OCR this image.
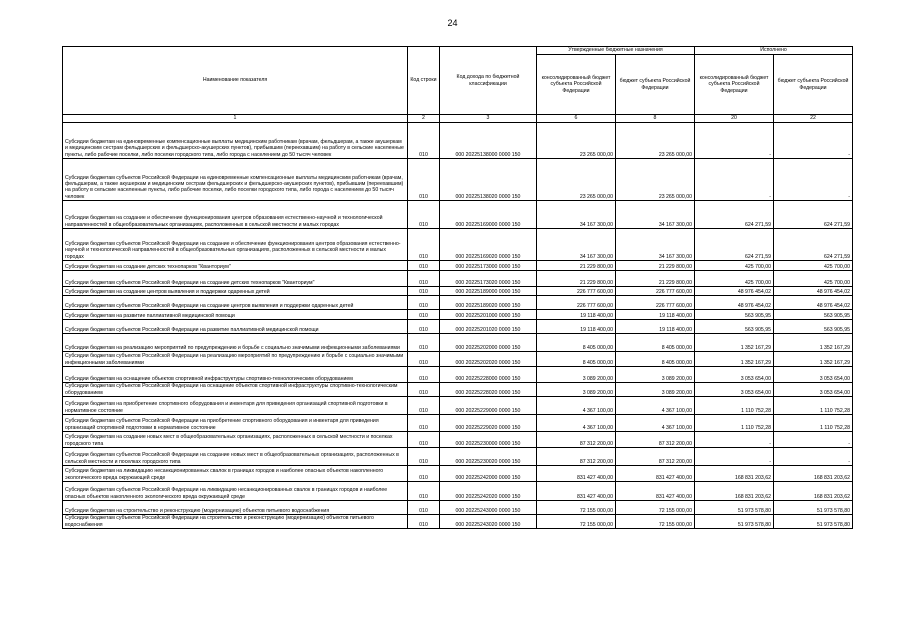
24
Наименование показателя	Код строки	Код дохода по бюджетной классификации	Утвержденные бюджетные назначения		Исполнено	
			консолидированный бюджет субъекта Российской Федерации	бюджет субъекта Российской Федерации	консолидированный бюджет субъекта Российской Федерации	бюджет субъекта Российской Федерации
1	2	3	6	8	20	22
Субсидии бюджетам на единовременные компенсационные выплаты медицинским работникам (врачам, фельдшерам, а также акушеркам и медицинским сестрам фельдшерских и фельдшерско-акушерских пунктов), прибывшим (переехавшим) на работу в сельские населенные пункты, либо рабочие поселки, либо поселки городского типа, либо города с населением до 50 тысяч человек	010	000 20225138000 0000 150	23 265 000,00	23 265 000,00	-	-
Субсидии бюджетам субъектов Российской Федерации на единовременные компенсационные выплаты медицинским работникам (врачам, фельдшерам, а также акушеркам и медицинским сестрам фельдшерских и фельдшерско-акушерских пунктов), прибывшим (переехавшим) на работу в сельские населенные пункты, либо рабочие поселки, либо поселки городского типа, либо города с населением до 50 тысяч человек	010	000 20225138020 0000 150	23 265 000,00	23 265 000,00	-	-
Субсидии бюджетам на создание и обеспечение функционирования центров образования естественно-научной и технологической направленностей в общеобразовательных организациях, расположенных в сельской местности и малых городах	010	000 20225169000 0000 150	34 167 300,00	34 167 300,00	624 271,59	624 271,59
Субсидии бюджетам субъектов Российской Федерации на создание и обеспечение функционирования центров образования естественно-научной и технологической направленностей в общеобразовательных организациях, расположенных в сельской местности и малых городах	010	000 20225169020 0000 150	34 167 300,00	34 167 300,00	624 271,59	624 271,59
Субсидии бюджетам на создание детских технопарков "Кванториум"	010	000 20225173000 0000 150	21 229 800,00	21 229 800,00	425 700,00	425 700,00
Субсидии бюджетам субъектов Российской Федерации на создание детских технопарков "Кванториум"	010	000 20225173020 0000 150	21 229 800,00	21 229 800,00	425 700,00	425 700,00
Субсидии бюджетам на создание центров выявления и поддержки одаренных детей	010	000 20225189000 0000 150	226 777 600,00	226 777 600,00	48 976 454,02	48 976 454,02
Субсидии бюджетам субъектов Российской Федерации на создание центров выявления и поддержки одаренных детей	010	000 20225189020 0000 150	226 777 600,00	226 777 600,00	48 976 454,02	48 976 454,02
Субсидии бюджетам на развитие паллиативной медицинской помощи	010	000 20225201000 0000 150	19 118 400,00	19 118 400,00	563 905,95	563 905,95
Субсидии бюджетам субъектов Российской Федерации на развитие паллиативной медицинской помощи	010	000 20225201020 0000 150	19 118 400,00	19 118 400,00	563 905,95	563 905,95
Субсидии бюджетам на реализацию мероприятий по предупреждению и борьбе с социально значимыми инфекционными заболеваниями	010	000 20225202000 0000 150	8 405 000,00	8 405 000,00	1 352 167,29	1 352 167,29
Субсидии бюджетам субъектов Российской Федерации на реализацию мероприятий по предупреждению и борьбе с социально значимыми инфекционными заболеваниями	010	000 20225202020 0000 150	8 405 000,00	8 405 000,00	1 352 167,29	1 352 167,29
Субсидии бюджетам на оснащение объектов спортивной инфраструктуры спортивно-технологическим оборудованием	010	000 20225228000 0000 150	3 089 200,00	3 089 200,00	3 053 654,00	3 053 654,00
Субсидии бюджетам субъектов Российской Федерации на оснащение объектов спортивной инфраструктуры спортивно-технологическим оборудованием	010	000 20225228020 0000 150	3 089 200,00	3 089 200,00	3 053 654,00	3 053 654,00
Субсидии бюджетам на приобретение спортивного оборудования и инвентаря для приведения организаций спортивной подготовки в нормативное состояние	010	000 20225229000 0000 150	4 367 100,00	4 367 100,00	1 110 752,28	1 110 752,28
Субсидии бюджетам субъектов Российской Федерации на приобретение спортивного оборудования и инвентаря для приведения организаций спортивной подготовки в нормативное состояние	010	000 20225229020 0000 150	4 367 100,00	4 367 100,00	1 110 752,28	1 110 752,28
Субсидии бюджетам на создание новых мест в общеобразовательных организациях, расположенных в сельской местности и поселках городского типа	010	000 20225230000 0000 150	87 312 200,00	87 312 200,00	-	-
Субсидии бюджетам субъектов Российской Федерации на создание новых мест в общеобразовательных организациях, расположенных в сельской местности и поселках городского типа	010	000 20225230020 0000 150	87 312 200,00	87 312 200,00	-	-
Субсидии бюджетам на ликвидацию несанкционированных свалок в границах городов и наиболее опасных объектов накопленного экологического вреда окружающей среде	010	000 20225242000 0000 150	831 427 400,00	831 427 400,00	168 831 203,62	168 831 203,62
Субсидии бюджетам субъектов Российской Федерации на ликвидацию несанкционированных свалок в границах городов и наиболее опасных объектов накопленного экологического вреда окружающей среде	010	000 20225242020 0000 150	831 427 400,00	831 427 400,00	168 831 203,62	168 831 203,62
Субсидии бюджетам на строительство и реконструкцию (модернизацию) объектов питьевого водоснабжения	010	000 20225243000 0000 150	72 155 000,00	72 155 000,00	51 973 578,80	51 973 578,80
Субсидии бюджетам субъектов Российской Федерации на строительство и реконструкцию (модернизацию) объектов питьевого водоснабжения	010	000 20225243020 0000 150	72 155 000,00	72 155 000,00	51 973 578,80	51 973 578,80
